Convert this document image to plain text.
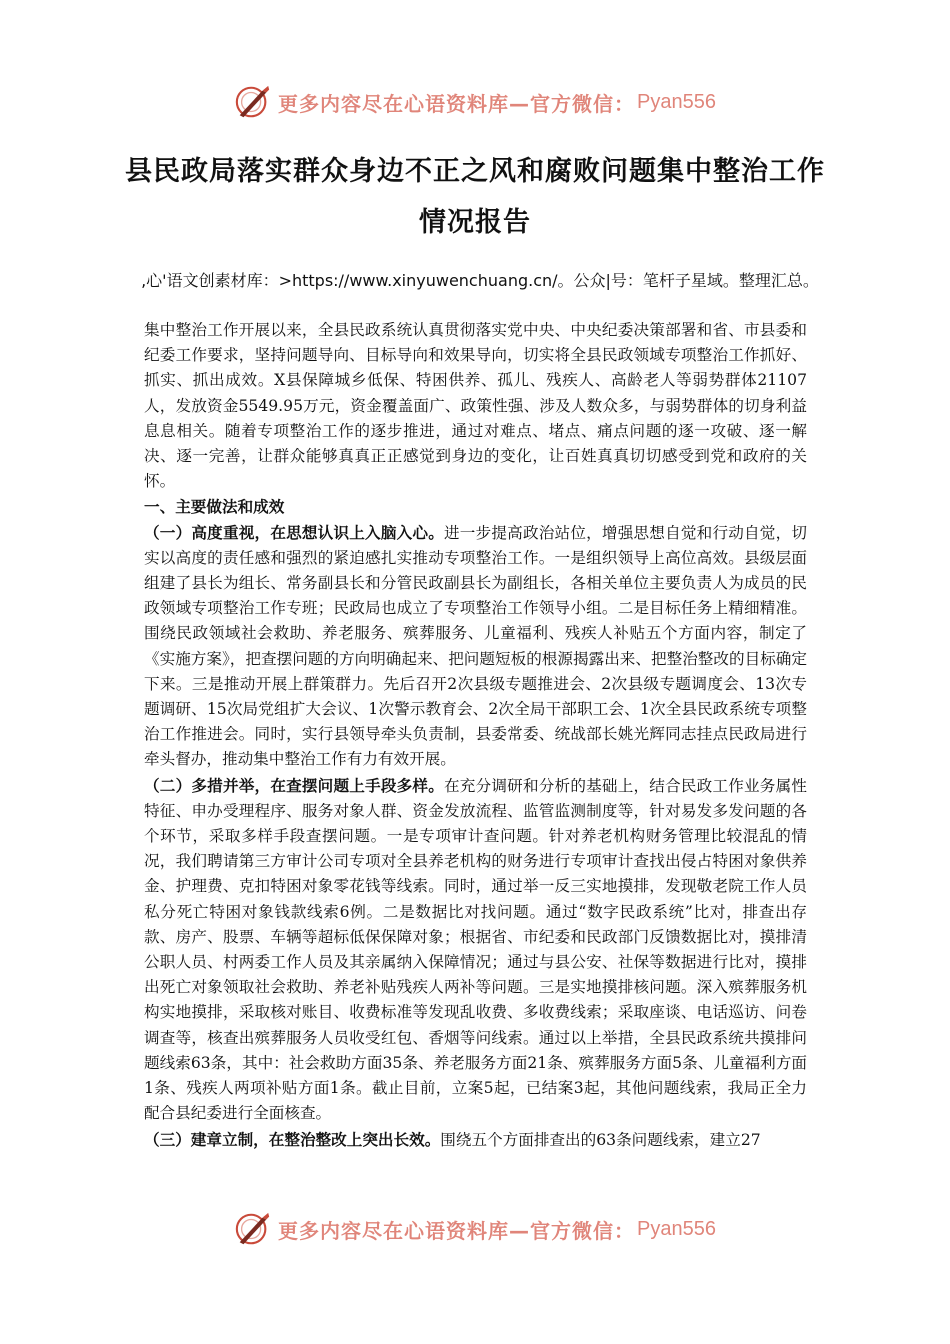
更多内容尽在心语资料库—官方微信： Pyan556
县民政局落实群众身边不正之风和腐败问题集中整治工作情况报告
,心'语文创素材库：>https://www.xinyuwenchuang.cn/。公众|号：笔杆子星域。整理汇总。

集中整治工作开展以来，全县民政系统认真贯彻落实党中央、中央纪委决策部署和省、市县委和纪委工作要求，坚持问题导向、目标导向和效果导向，切实将全县民政领域专项整治工作抓好、抓实、抓出成效。X县保障城乡低保、特困供养、孤儿、残疾人、高龄老人等弱势群体21107人，发放资金5549.95万元，资金覆盖面广、政策性强、涉及人数众多，与弱势群体的切身利益息息相关。随着专项整治工作的逐步推进，通过对难点、堵点、痛点问题的逐一攻破、逐一解决、逐一完善，让群众能够真真正正感觉到身边的变化，让百姓真真切切感受到党和政府的关怀。

一、主要做法和成效

（一）高度重视，在思想认识上入脑入心。进一步提高政治站位，增强思想自觉和行动自觉，切实以高度的责任感和强烈的紧迫感扎实推动专项整治工作。一是组织领导上高位高效。县级层面组建了县长为组长、常务副县长和分管民政副县长为副组长，各相关单位主要负责人为成员的民政领域专项整治工作专班；民政局也成立了专项整治工作领导小组。二是目标任务上精细精准。围绕民政领域社会救助、养老服务、殡葬服务、儿童福利、残疾人补贴五个方面内容，制定了《实施方案》，把查摆问题的方向明确起来、把问题短板的根源揭露出来、把整治整改的目标确定下来。三是推动开展上群策群力。先后召开2次县级专题推进会、2次县级专题调度会、13次专题调研、15次局党组扩大会议、1次警示教育会、2次全局干部职工会、1次全县民政系统专项整治工作推进会。同时，实行县领导牵头负责制，县委常委、统战部长姚光辉同志挂点民政局进行牵头督办，推动集中整治工作有力有效开展。

（二）多措并举，在查摆问题上手段多样。在充分调研和分析的基础上，结合民政工作业务属性特征、申办受理程序、服务对象人群、资金发放流程、监管监测制度等，针对易发多发问题的各个环节，采取多样手段查摆问题。一是专项审计查问题。针对养老机构财务管理比较混乱的情况，我们聘请第三方审计公司专项对全县养老机构的财务进行专项审计查找出侵占特困对象供养金、护理费、克扣特困对象零花钱等线索。同时，通过举一反三实地摸排，发现敬老院工作人员私分死亡特困对象钱款线索6例。二是数据比对找问题。通过“数字民政系统”比对，排查出存款、房产、股票、车辆等超标低保保障对象；根据省、市纪委和民政部门反馈数据比对，摸排清公职人员、村两委工作人员及其亲属纳入保障情况；通过与县公安、社保等数据进行比对，摸排出死亡对象领取社会救助、养老补贴残疾人两补等问题。三是实地摸排核问题。深入殡葬服务机构实地摸排，采取核对账目、收费标准等发现乱收费、多收费线索；采取座谈、电话巡访、问卷调查等，核查出殡葬服务人员收受红包、香烟等问线索。通过以上举措，全县民政系统共摸排问题线索63条，其中：社会救助方面35条、养老服务方面21条、殡葬服务方面5条、儿童福利方面1条、残疾人两项补贴方面1条。截止目前，立案5起，已结案3起，其他问题线索，我局正全力配合县纪委进行全面核查。

（三）建章立制，在整治整改上突出长效。围绕五个方面排查出的63条问题线索，建立27

更多内容尽在心语资料库—官方微信： Pyan556
